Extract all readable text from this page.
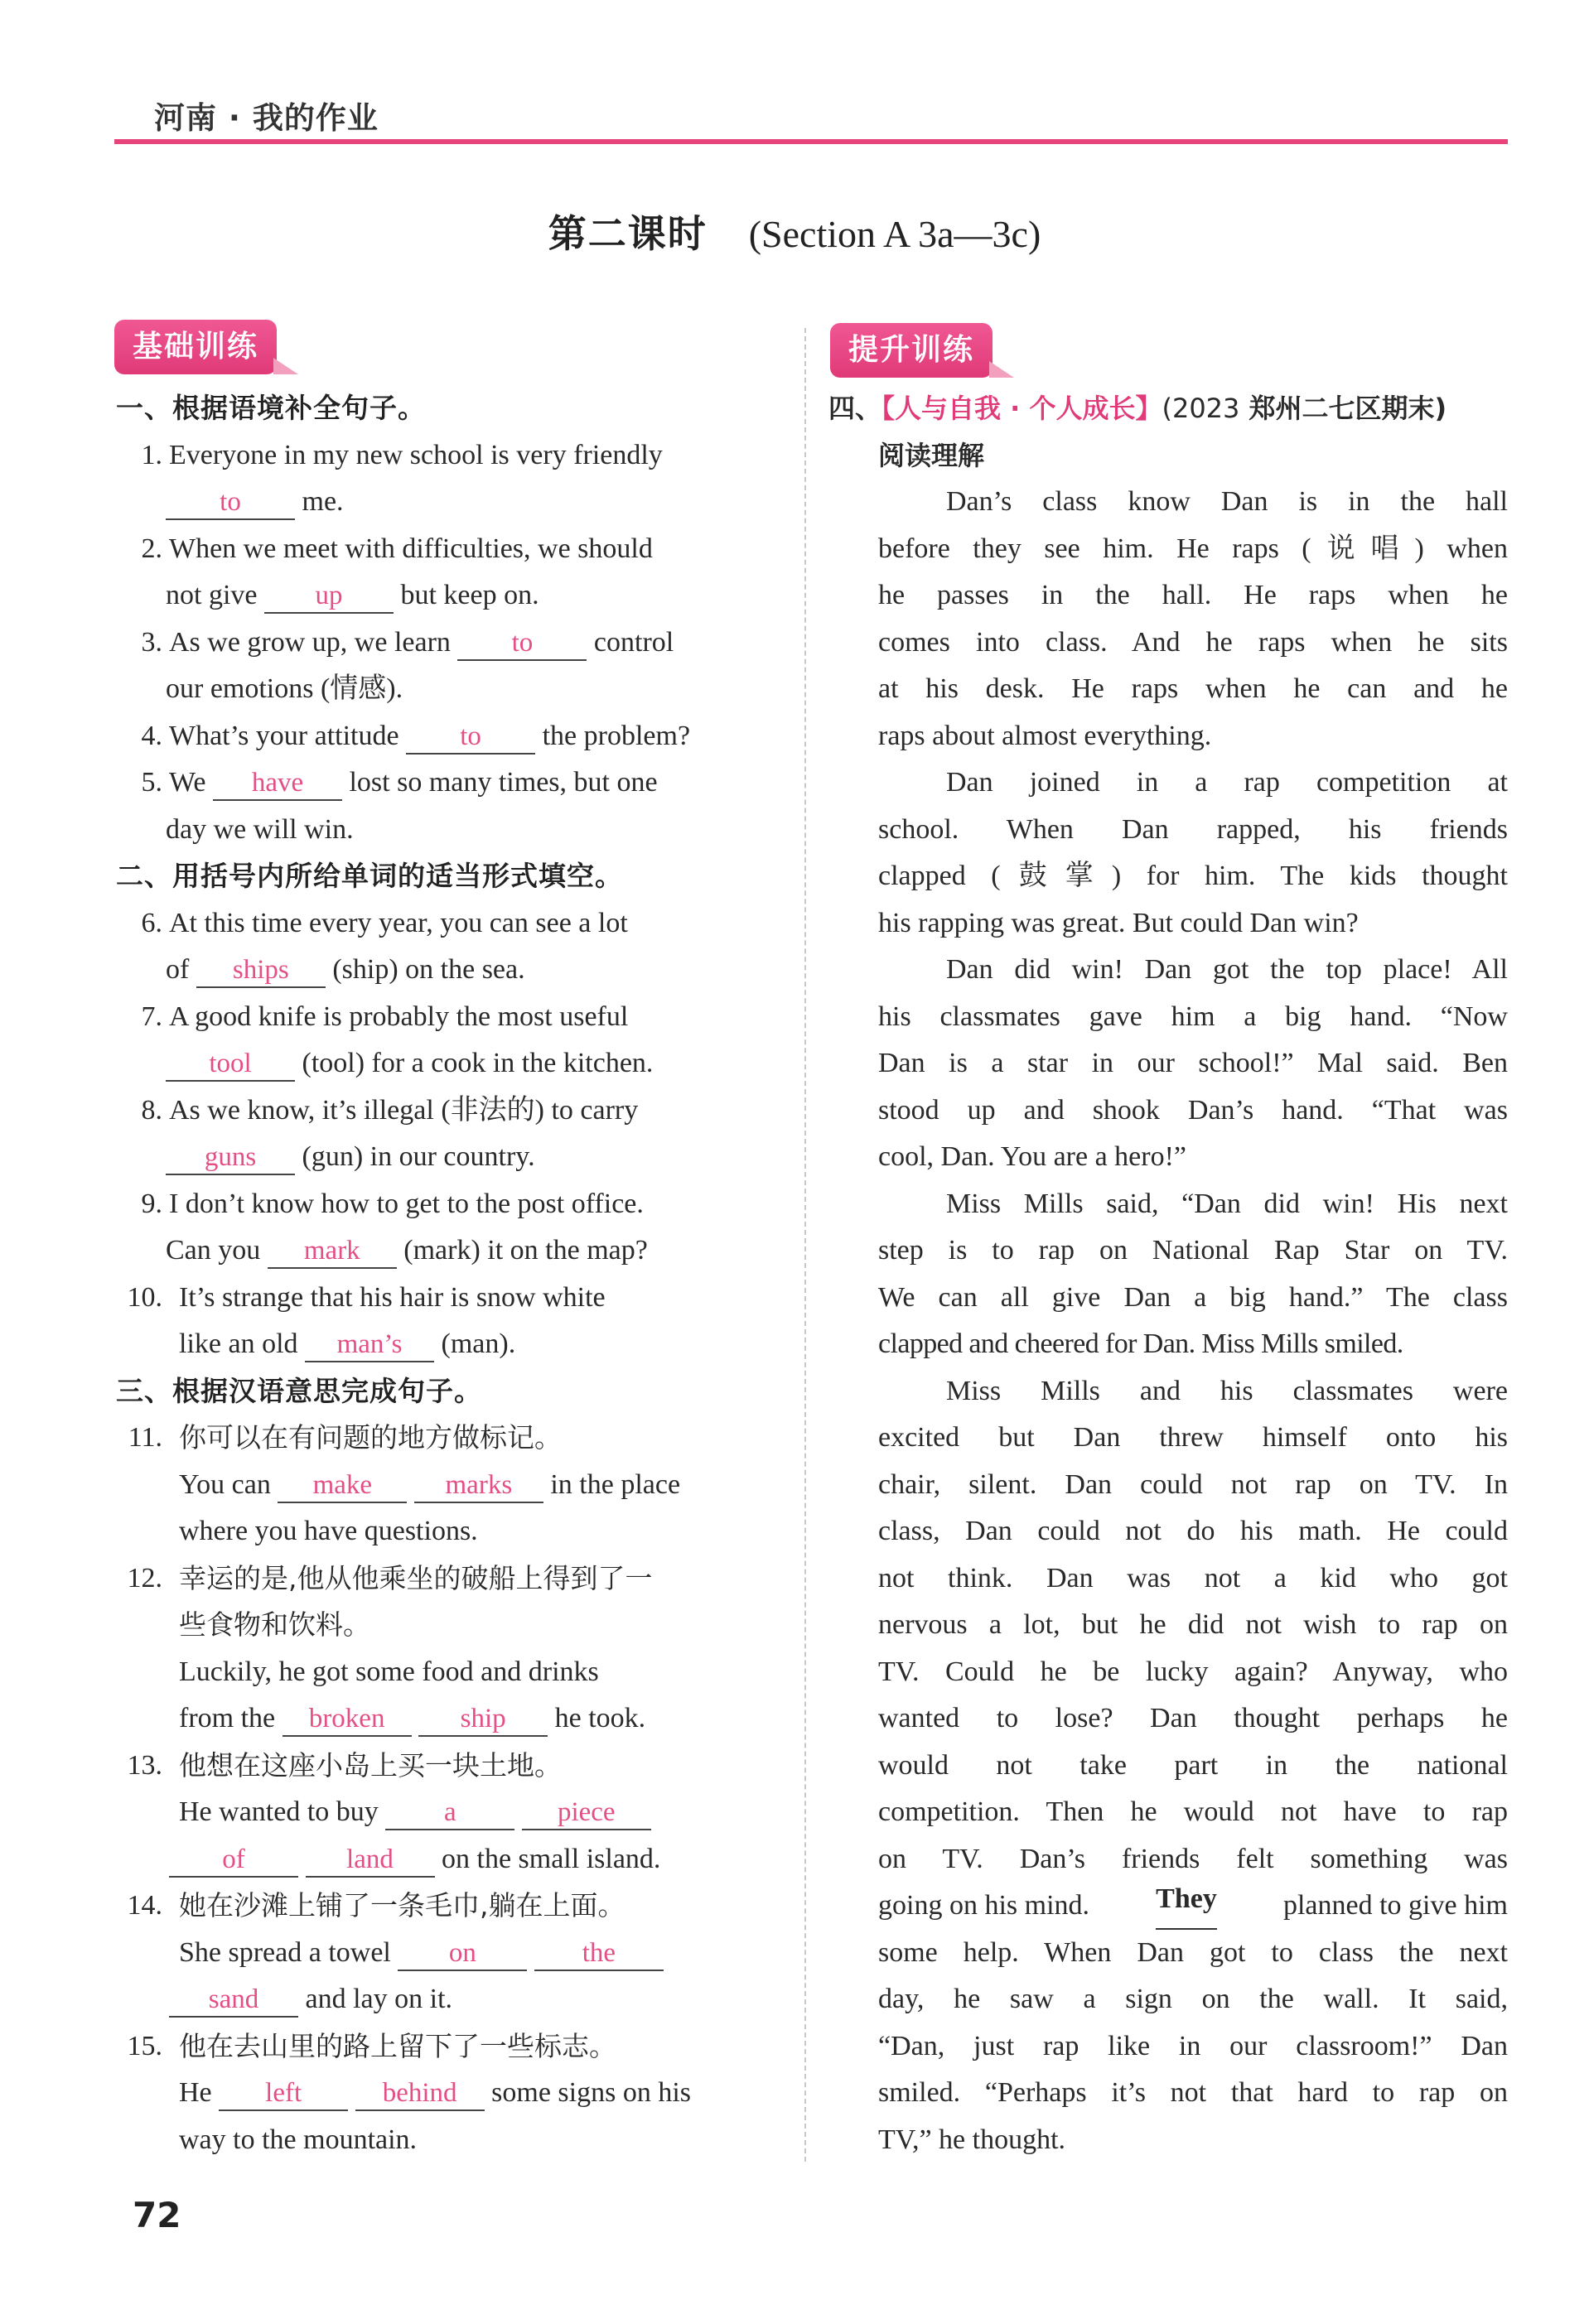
河南 · 我的作业
第二课时 (Section A 3a—3c)
基础训练	提升训练
一、根据语境补全句子。
1. Everyone in my new school is very friendly
to me.
2. When we meet with difficulties, we should
not give up but keep on.
3. As we grow up, we learn to control
our emotions (情感).
4. What’s your attitude to the problem?
5. We have lost so many times, but one
day we will win.
二、用括号内所给单词的适当形式填空。
6. At this time every year, you can see a lot
of ships (ship) on the sea.
7. A good knife is probably the most useful
tool (tool) for a cook in the kitchen.
8. As we know, it’s illegal (非法的) to carry
guns (gun) in our country.
9. I don’t know how to get to the post office.
Can you mark (mark) it on the map?
10. It’s strange that his hair is snow white
like an old man’s (man).
三、根据汉语意思完成句子。
11. 你可以在有问题的地方做标记。
You can make	marks in the place
where you have questions.
12. 幸运的是,他从他乘坐的破船上得到了一
些食物和饮料。
Luckily, he got some food and drinks
from the broken	ship he took.
13. 他想在这座小岛上买一块土地。
He wanted to buy a	piece
of	land on the small island.
14. 她在沙滩上铺了一条毛巾,躺在上面。
She spread a towel on	the
sand and lay on it.
15. 他在去山里的路上留下了一些标志。
He left	behind some signs on his
way to the mountain.
四、【人与自我 · 个人成长】(2023 郑州二七区期末)
阅读理解

Dan’s class know Dan is in the hall

before they see him. He raps (说唱) when

he passes in the hall. He raps when he

comes into class. And he raps when he sits

at his desk. He raps when he can and he

raps about almost everything.

Dan joined in a rap competition at

school. When Dan rapped, his friends

clapped (鼓掌) for him. The kids thought

his rapping was great. But could Dan win?

Dan did win! Dan got the top place! All

his classmates gave him a big hand. “Now

Dan is a star in our school!” Mal said. Ben

stood up and shook Dan’s hand. “That was

cool, Dan. You are a hero!”

Miss Mills said, “Dan did win! His next

step is to rap on National Rap Star on TV.

We can all give Dan a big hand.” The class

clapped and cheered for Dan. Miss Mills smiled.

Miss Mills and his classmates were

excited but Dan threw himself onto his

chair, silent. Dan could not rap on TV. In

class, Dan could not do his math. He could

not think. Dan was not a kid who got

nervous a lot, but he did not wish to rap on

TV. Could he be lucky again? Anyway, who

wanted to lose? Dan thought perhaps he

would not take part in the national

competition. Then he would not have to rap

on TV. Dan’s friends felt something was

going on his mind. They planned to give him

some help. When Dan got to class the next

day, he saw a sign on the wall. It said,

“Dan, just rap like in our classroom!” Dan

smiled. “Perhaps it’s not that hard to rap on

TV,” he thought.

72
